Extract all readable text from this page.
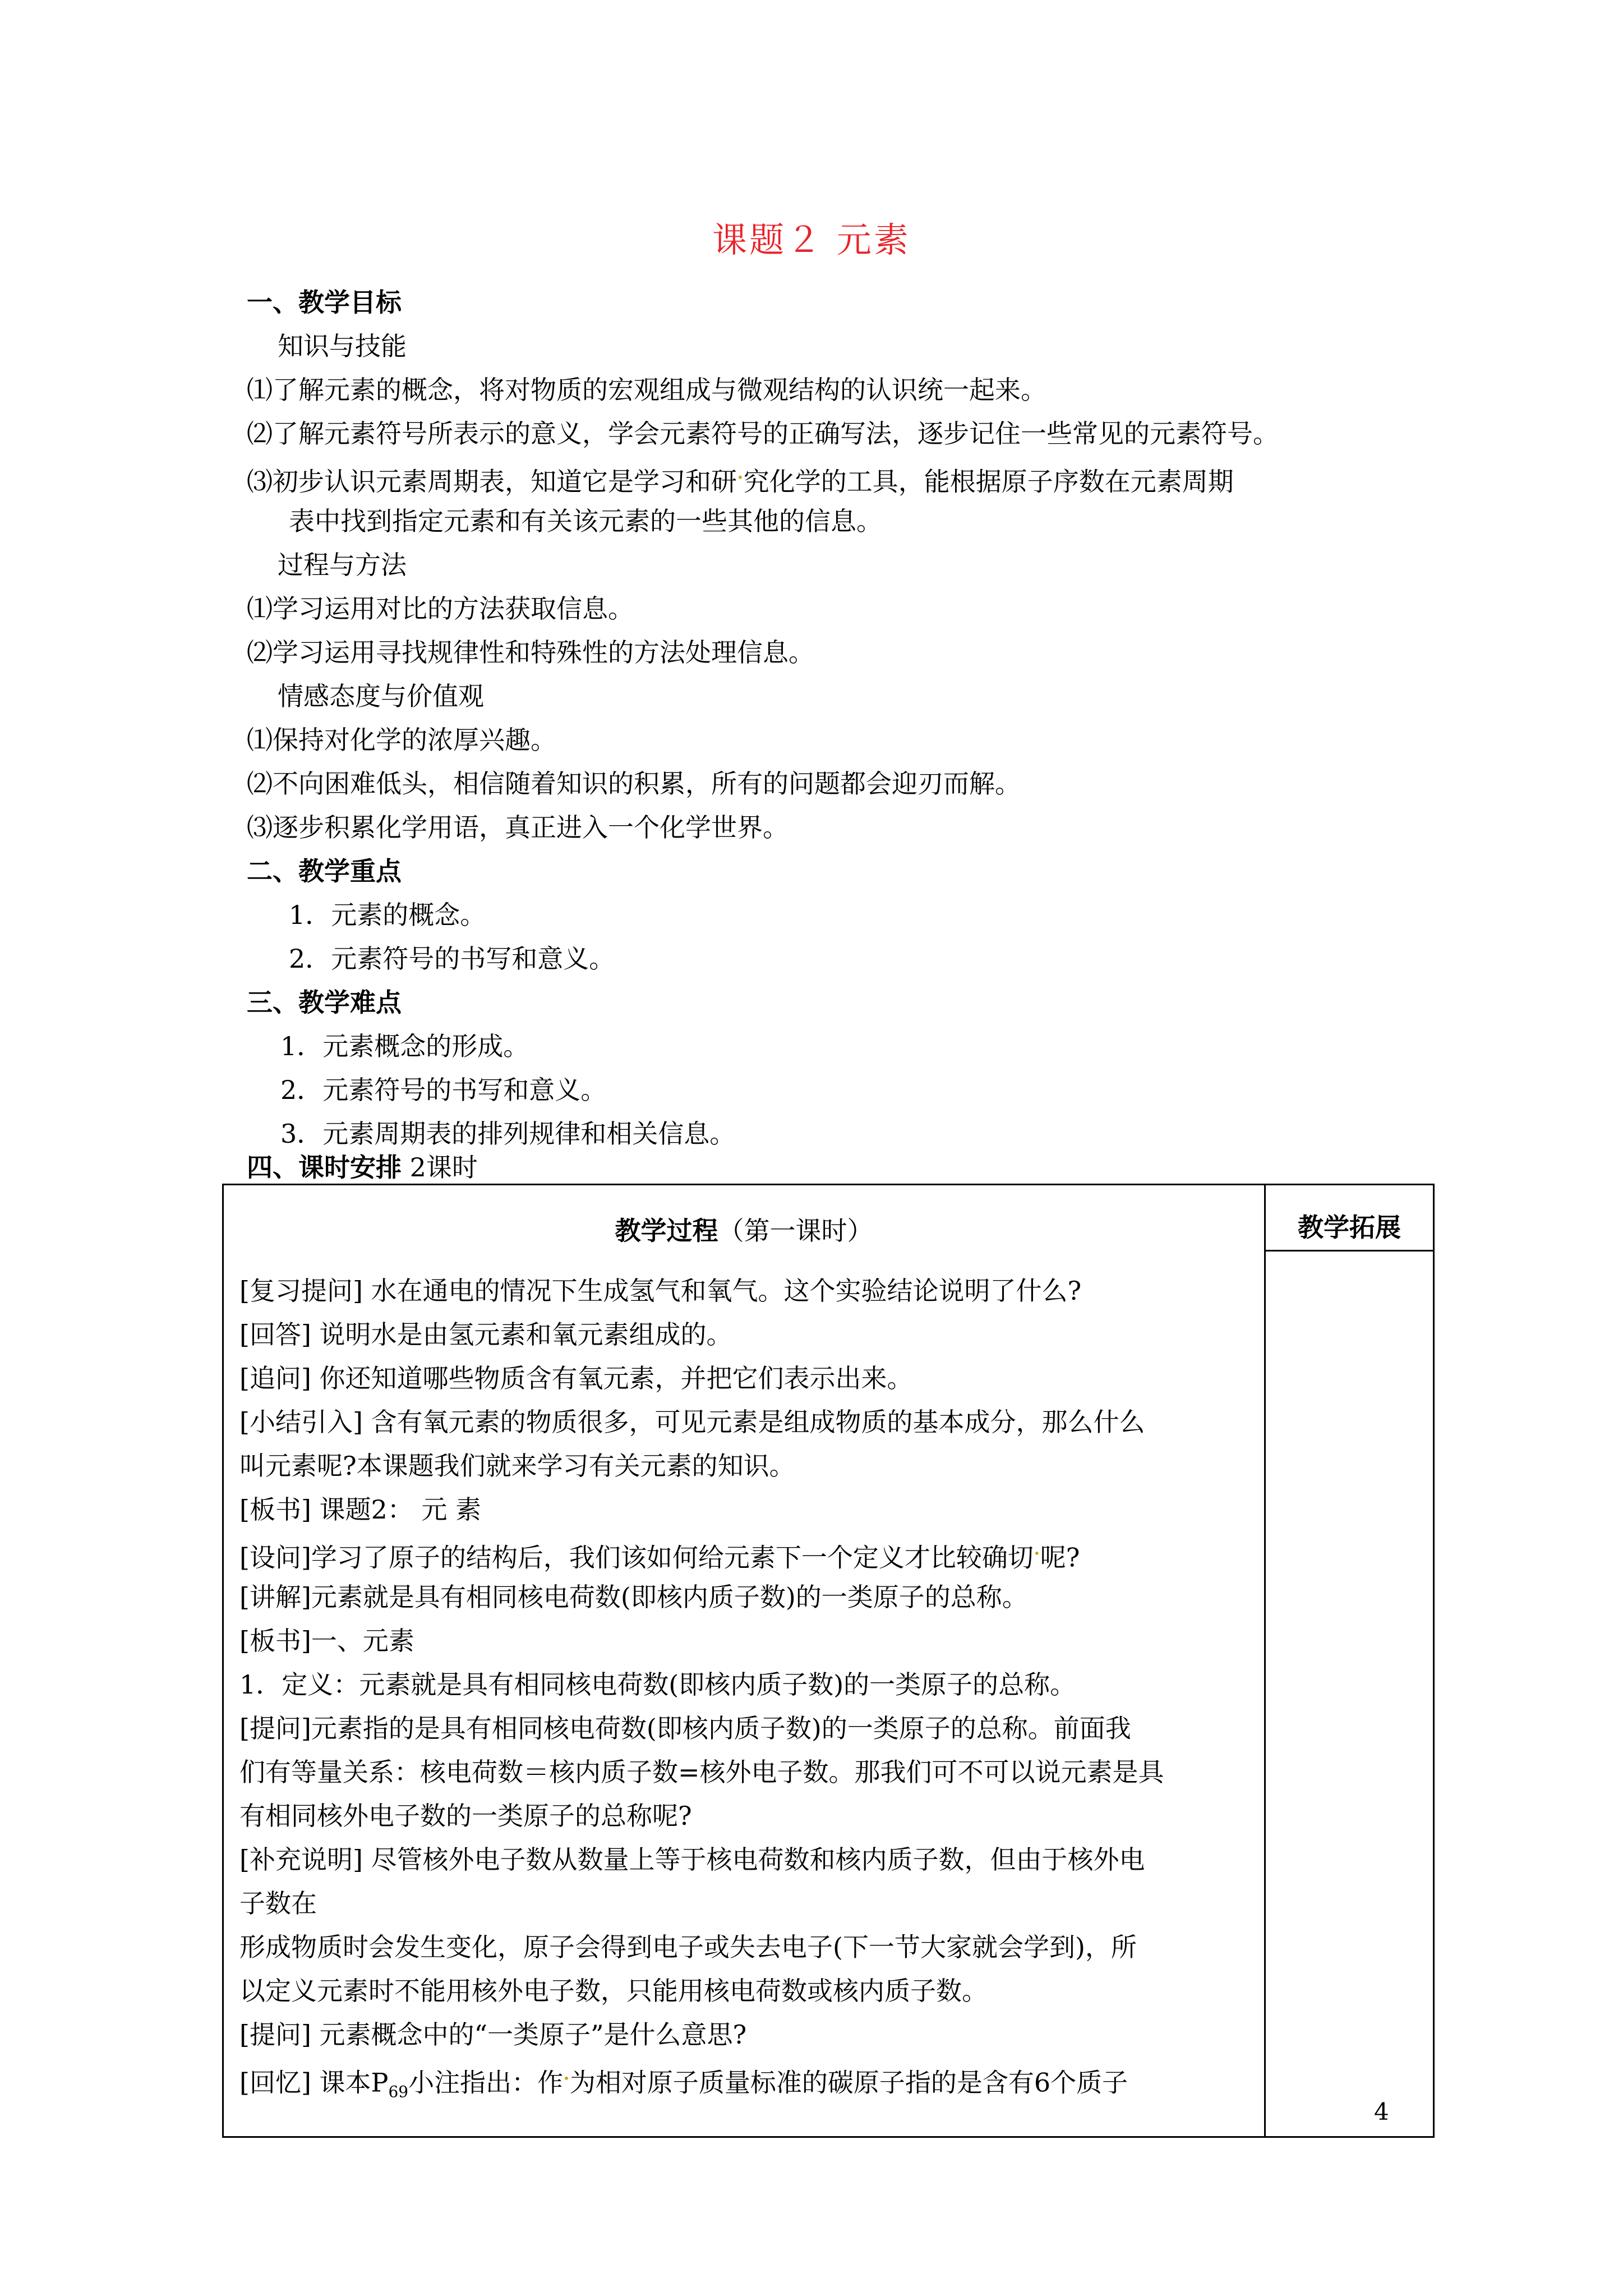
课题２ 元素
一、教学目标
知识与技能
⑴了解元素的概念，将对物质的宏观组成与微观结构的认识统一起来。
⑵了解元素符号所表示的意义，学会元素符号的正确写法，逐步记住一些常见的元素符号。
⑶初步认识元素周期表，知道它是学习和研•究化学的工具，能根据原子序数在元素周期
表中找到指定元素和有关该元素的一些其他的信息。
过程与方法
⑴学习运用对比的方法获取信息。
⑵学习运用寻找规律性和特殊性的方法处理信息。
情感态度与价值观
⑴保持对化学的浓厚兴趣。
⑵不向困难低头，相信随着知识的积累，所有的问题都会迎刃而解。
⑶逐步积累化学用语，真正进入一个化学世界。
二、教学重点
1．元素的概念。
2．元素符号的书写和意义。
三、教学难点
1．元素概念的形成。
2．元素符号的书写和意义。
3．元素周期表的排列规律和相关信息。
四、课时安排 2课时
教学过程（第一课时）	教学拓展
[复习提问] 水在通电的情况下生成氢气和氧气。这个实验结论说明了什么?
[回答] 说明水是由氢元素和氧元素组成的。
[追问] 你还知道哪些物质含有氧元素，并把它们表示出来。
[小结引入] 含有氧元素的物质很多，可见元素是组成物质的基本成分，那么什么
叫元素呢?本课题我们就来学习有关元素的知识。
[板书] 课题2： 元 素
[设问]学习了原子的结构后，我们该如何给元素下一个定义才比较确切•呢?
[讲解]元素就是具有相同核电荷数(即核内质子数)的一类原子的总称。
[板书]一、元素
1．定义：元素就是具有相同核电荷数(即核内质子数)的一类原子的总称。
[提问]元素指的是具有相同核电荷数(即核内质子数)的一类原子的总称。前面我
们有等量关系：核电荷数＝核内质子数=核外电子数。那我们可不可以说元素是具
有相同核外电子数的一类原子的总称呢?
[补充说明] 尽管核外电子数从数量上等于核电荷数和核内质子数，但由于核外电
子数在
形成物质时会发生变化，原子会得到电子或失去电子(下一节大家就会学到)，所
以定义元素时不能用核外电子数，只能用核电荷数或核内质子数。
[提问] 元素概念中的“一类原子”是什么意思?
[回忆] 课本$P_{69}$小注指出：作•为相对原子质量标准的碳原子指的是含有6个质子
4
